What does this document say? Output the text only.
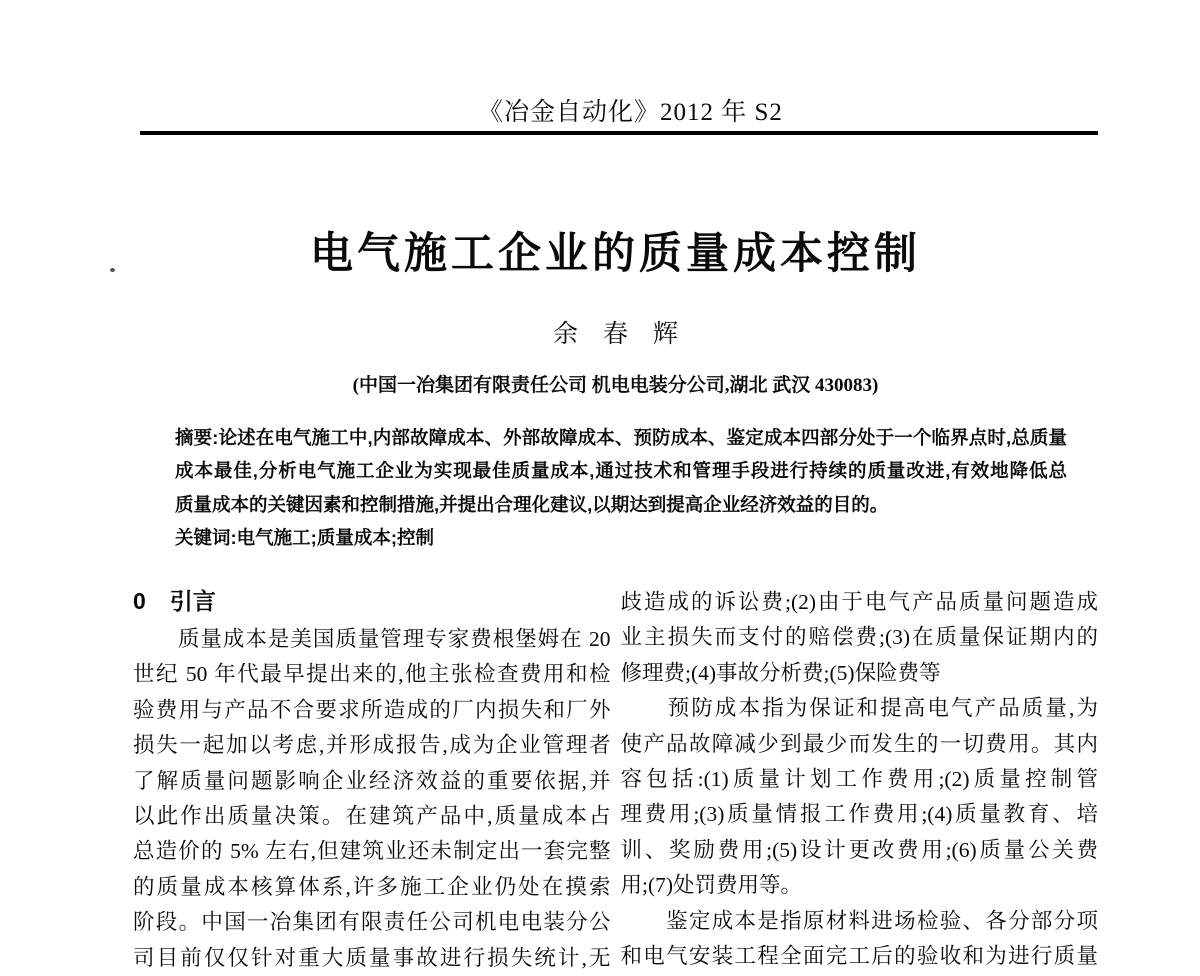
《冶金自动化》2012 年 S2
电气施工企业的质量成本控制
余　春　辉
(中国一冶集团有限责任公司 机电电装分公司,湖北 武汉 430083)
摘要:论述在电气施工中,内部故障成本、外部故障成本、预防成本、鉴定成本四部分处于一个临界点时,总质量
成本最佳,分析电气施工企业为实现最佳质量成本,通过技术和管理手段进行持续的质量改进,有效地降低总
质量成本的关键因素和控制措施,并提出合理化建议,以期达到提高企业经济效益的目的。
关键词:电气施工;质量成本;控制
0 引言
　　质量成本是美国质量管理专家费根堡姆在 20
世纪 50 年代最早提出来的,他主张检查费用和检
验费用与产品不合要求所造成的厂内损失和厂外
损失一起加以考虑,并形成报告,成为企业管理者
了解质量问题影响企业经济效益的重要依据,并
以此作出质量决策。在建筑产品中,质量成本占
总造价的 5% 左右,但建筑业还未制定出一套完整
的质量成本核算体系,许多施工企业仍处在摸索
阶段。中国一冶集团有限责任公司机电电装分公
司目前仅仅针对重大质量事故进行损失统计,无
歧造成的诉讼费;(2)由于电气产品质量问题造成
业主损失而支付的赔偿费;(3)在质量保证期内的
修理费;(4)事故分析费;(5)保险费等
　　预防成本指为保证和提高电气产品质量,为
使产品故障减少到最少而发生的一切费用。其内
容包括:(1)质量计划工作费用;(2)质量控制管
理费用;(3)质量情报工作费用;(4)质量教育、培
训、奖励费用;(5)设计更改费用;(6)质量公关费
用;(7)处罚费用等。
　　鉴定成本是指原材料进场检验、各分部分项
和电气安装工程全面完工后的验收和为进行质量
